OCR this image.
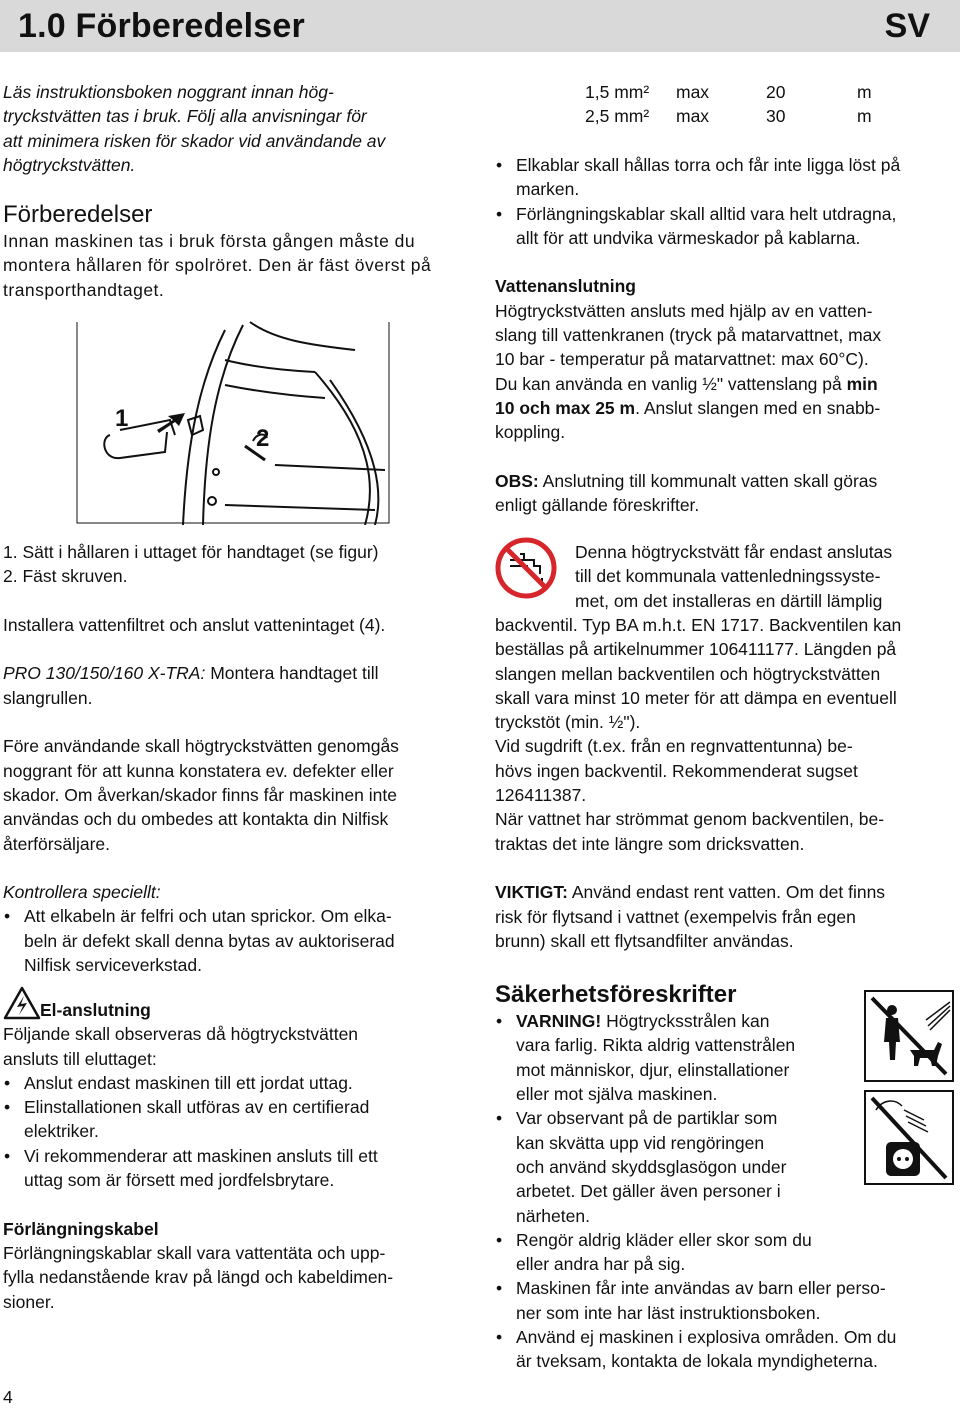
1.0 Förberedelser	SV

Läs instruktionsboken noggrant innan hög-
tryckstvätten tas i bruk. Följ alla anvisningar för
att minimera risken för skador vid användande av
högtryckstvätten.

Förberedelser

Innan maskinen tas i bruk första gången måste du
montera hållaren för spolröret. Den är fäst överst på
transporthandtaget.

1
2

1. Sätt i hållaren i uttaget för handtaget (se figur)

2. Fäst skruven.

Installera vattenfiltret och anslut vattenintaget (4).

PRO 130/150/160 X-TRA: Montera handtaget till
slangrullen.

Före användande skall högtryckstvätten genomgås
noggrant för att kunna konstatera ev. defekter eller
skador. Om åverkan/skador finns får maskinen inte
användas och du ombedes att kontakta din Nilfisk
återförsäljare.

Kontrollera speciellt:

• Att elkabeln är felfri och utan sprickor. Om elka-
beln är defekt skall denna bytas av auktoriserad
Nilfisk serviceverkstad.

El-anslutning

Följande skall observeras då högtryckstvätten
ansluts till eluttaget:

• Anslut endast maskinen till ett jordat uttag.
• Elinstallationen skall utföras av en certifierad
elektriker.
• Vi rekommenderar att maskinen ansluts till ett
uttag som är försett med jordfelsbrytare.

Förlängningskabel

Förlängningskablar skall vara vattentäta och upp-
fylla nedanstående krav på längd och kabeldimen-
sioner.

1,5 mm² max	20	m
2,5 mm² max	30	m
• Elkablar skall hållas torra och får inte ligga löst på
marken.
• Förlängningskablar skall alltid vara helt utdragna,
allt för att undvika värmeskador på kablarna.

Vattenanslutning

Högtryckstvätten ansluts med hjälp av en vatten-
slang till vattenkranen (tryck på matarvattnet, max
10 bar - temperatur på matarvattnet: max 60°C).
Du kan använda en vanlig ½" vattenslang på min
10 och max 25 m. Anslut slangen med en snabb-
koppling.

OBS: Anslutning till kommunalt vatten skall göras
enligt gällande föreskrifter.

Denna högtryckstvätt får endast anslutas
till det kommunala vattenledningssyste-
met, om det installeras en därtill lämplig

backventil. Typ BA m.h.t. EN 1717. Backventilen kan
beställas på artikelnummer 106411177. Längden på
slangen mellan backventilen och högtryckstvätten
skall vara minst 10 meter för att dämpa en eventuell
tryckstöt (min. ½").
Vid sugdrift (t.ex. från en regnvattentunna) be-
hövs ingen backventil. Rekommenderat sugset
126411387.
När vattnet har strömmat genom backventilen, be-
traktas det inte längre som dricksvatten.

VIKTIGT: Använd endast rent vatten. Om det finns
risk för flytsand i vattnet (exempelvis från egen
brunn) skall ett flytsandfilter användas.

Säkerhetsföreskrifter

• VARNING! Högtrycksstrålen kan
vara farlig. Rikta aldrig vattenstrålen
mot människor, djur, elinstallationer
eller mot själva maskinen.
• Var observant på de partiklar som
kan skvätta upp vid rengöringen
och använd skyddsglasögon under
arbetet. Det gäller även personer i
närheten.
• Rengör aldrig kläder eller skor som du
eller andra har på sig.
• Maskinen får inte användas av barn eller perso-
ner som inte har läst instruktionsboken.
• Använd ej maskinen i explosiva områden. Om du
är tveksam, kontakta de lokala myndigheterna.
4
